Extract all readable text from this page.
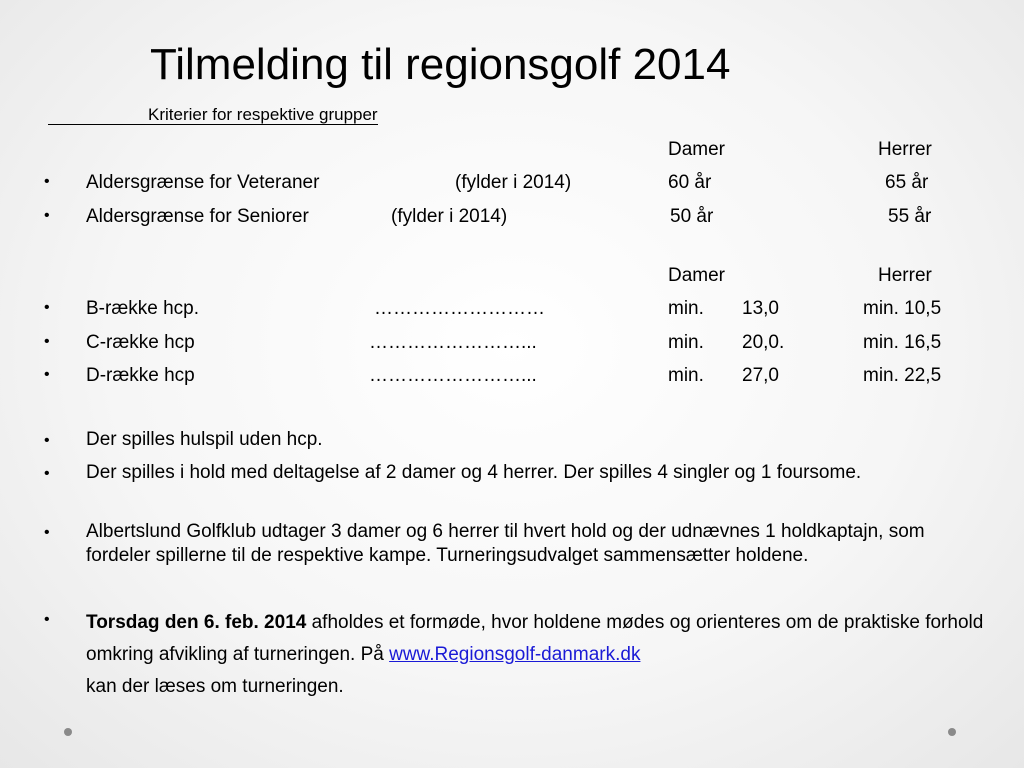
Tilmelding til regionsgolf 2014
Kriterier for respektive grupper
Damer	Herrer
• Aldersgrænse for Veteraner	(fylder i 2014)	60 år	65 år
• Aldersgrænse for Seniorer	(fylder i 2014)	50 år	55 år
Damer	Herrer
• B-række hcp.	………………………	min. 13,0	min. 10,5
• C-række hcp	……………………...	min. 20,0.	min. 16,5
• D-række hcp	……………………...	min. 27,0	min. 22,5
• Der spilles hulspil uden hcp.
• Der spilles i hold med deltagelse af 2 damer og 4 herrer. Der spilles 4 singler og 1 foursome.
• Albertslund Golfklub udtager 3 damer og 6 herrer til hvert hold og der udnævnes 1 holdkaptajn, som fordeler spillerne til de respektive kampe. Turneringsudvalget sammensætter holdene.
• Torsdag den 6. feb. 2014 afholdes et formøde, hvor holdene mødes og orienteres om de praktiske forhold omkring afvikling af turneringen. På www.Regionsgolf-danmark.dk
kan der læses om turneringen.
